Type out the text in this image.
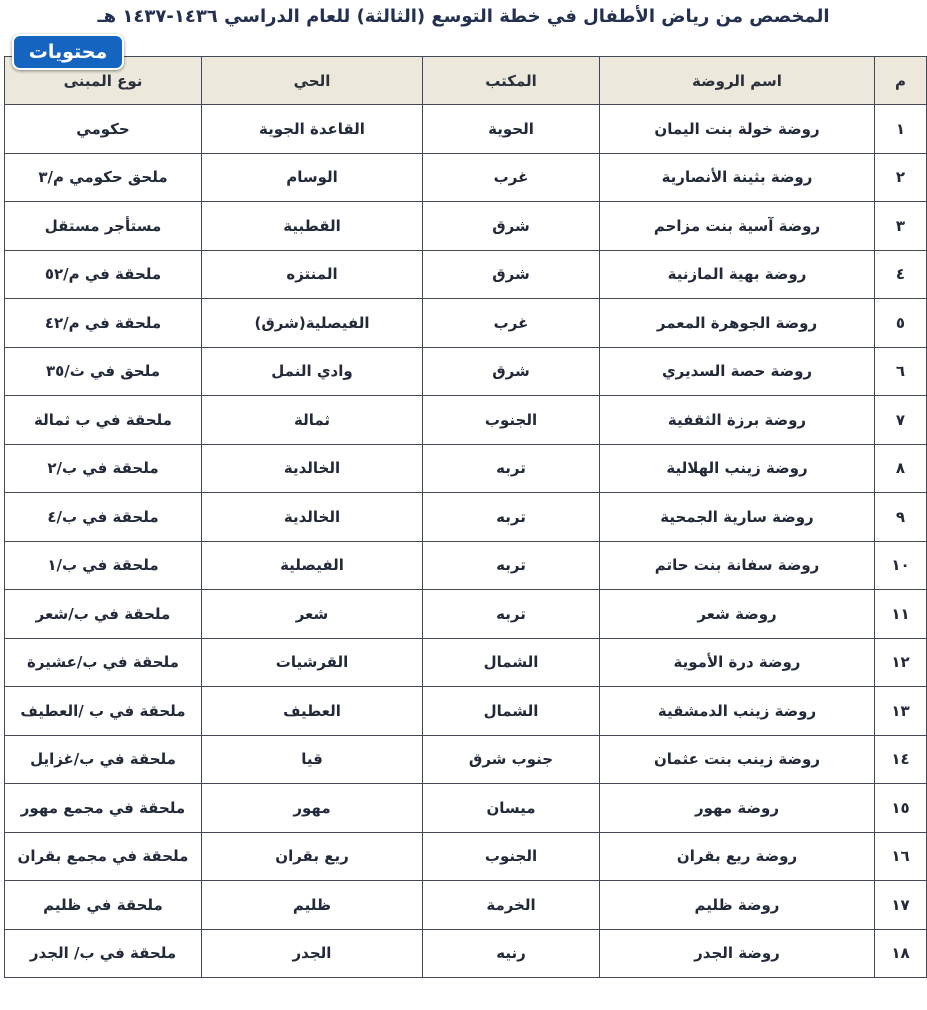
المخصص من رياض الأطفال في خطة التوسع (الثالثة) للعام الدراسي ١٤٣٦-١٤٣٧ هـ
محتويات
م	اسم الروضة	المكتب	الحي	نوع المبنى
١	روضة خولة بنت اليمان	الحوية	القاعدة الجوية	حكومي
٢	روضة بثينة الأنصارية	غرب	الوسام	ملحق حكومي م/٣
٣	روضة آسية بنت مزاحم	شرق	القطبية	مستأجر مستقل
٤	روضة بهية المازنية	شرق	المنتزه	ملحقة في م/٥٢
٥	روضة الجوهرة المعمر	غرب	الفيصلية(شرق)	ملحقة في م/٤٢
٦	روضة حصة السديري	شرق	وادي النمل	ملحق في ث/٣٥
٧	روضة برزة الثقفية	الجنوب	ثمالة	ملحقة في ب ثمالة
٨	روضة زينب الهلالية	تربه	الخالدية	ملحقة في ب/٢
٩	روضة سارية الجمحية	تربه	الخالدية	ملحقة في ب/٤
١٠	روضة سفانة بنت حاتم	تربه	الفيصلية	ملحقة في ب/١
١١	روضة شعر	تربه	شعر	ملحقة في ب/شعر
١٢	روضة درة الأموية	الشمال	القرشيات	ملحقة في ب/عشيرة
١٣	روضة زينب الدمشقية	الشمال	العطيف	ملحقة في ب /العطيف
١٤	روضة زينب بنت عثمان	جنوب شرق	قيا	ملحقة في ب/غزايل
١٥	روضة مهور	ميسان	مهور	ملحقة في مجمع مهور
١٦	روضة ريع بقران	الجنوب	ريع بقران	ملحقة في مجمع بقران
١٧	روضة ظليم	الخرمة	ظليم	ملحقة في ظليم
١٨	روضة الجدر	رنيه	الجدر	ملحقة في ب/ الجدر
